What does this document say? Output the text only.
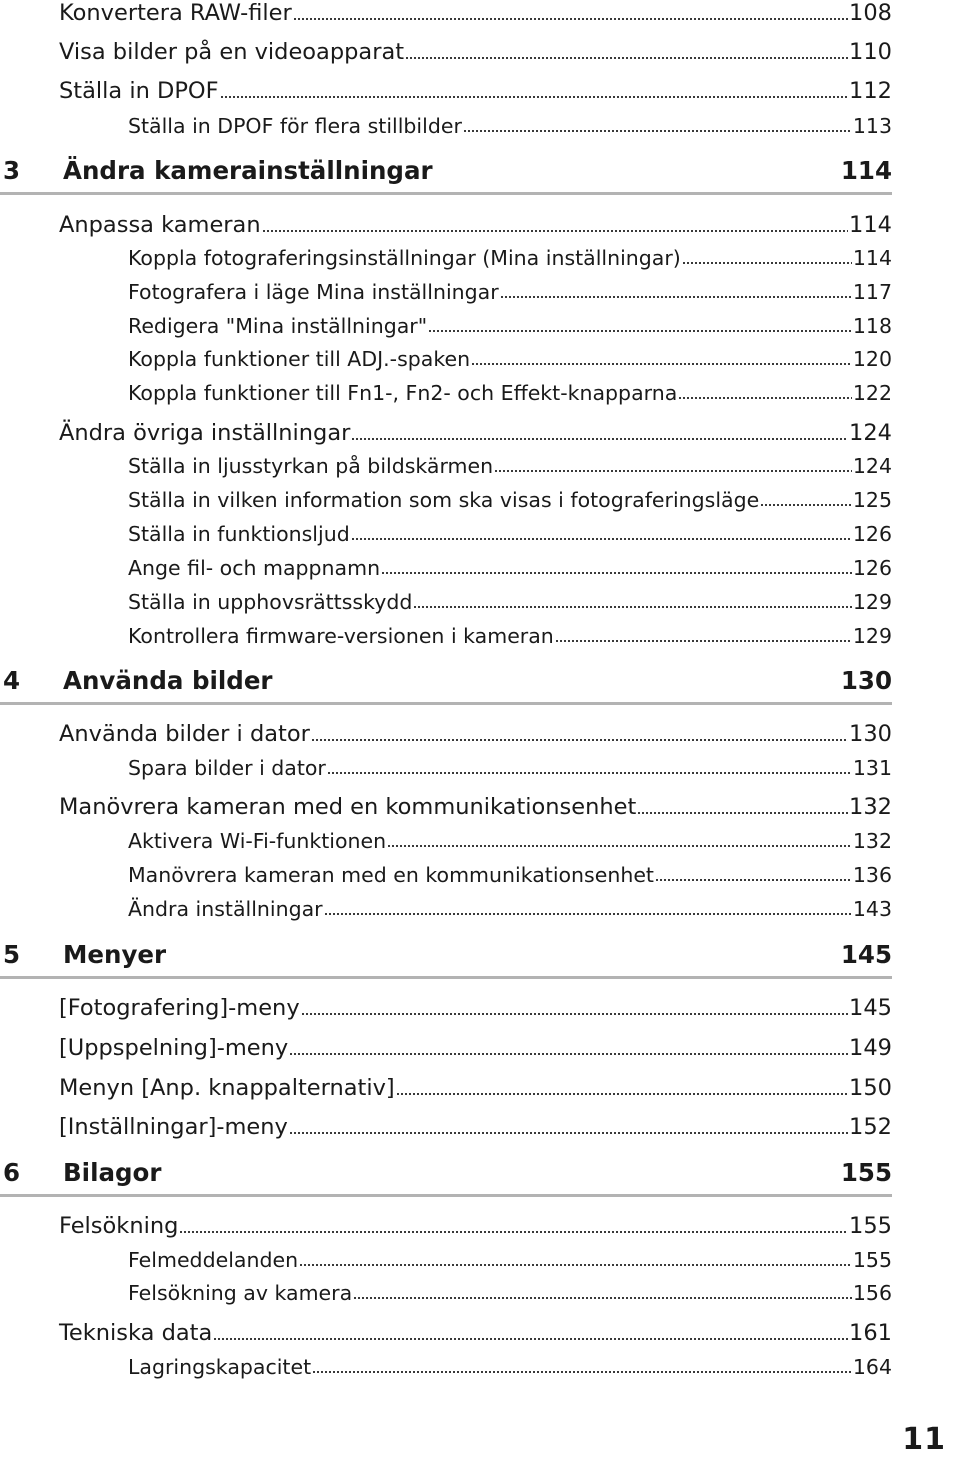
Konvertera RAW-filer	108
Visa bilder på en videoapparat	110
Ställa in DPOF	112
Ställa in DPOF för flera stillbilder	113
3 Ändra kamerainställningar	114
Anpassa kameran	114
Koppla fotograferingsinställningar (Mina inställningar)	114
Fotografera i läge Mina inställningar	117
Redigera "Mina inställningar"	118
Koppla funktioner till ADJ.-spaken	120
Koppla funktioner till Fn1-, Fn2- och Effekt-knapparna	122
Ändra övriga inställningar	124
Ställa in ljusstyrkan på bildskärmen	124
Ställa in vilken information som ska visas i fotograferingsläge	125
Ställa in funktionsljud	126
Ange fil- och mappnamn	126
Ställa in upphovsrättsskydd	129
Kontrollera firmware-versionen i kameran	129
4 Använda bilder	130
Använda bilder i dator	130
Spara bilder i dator	131
Manövrera kameran med en kommunikationsenhet	132
Aktivera Wi-Fi-funktionen	132
Manövrera kameran med en kommunikationsenhet	136
Ändra inställningar	143
5 Menyer	145
[Fotografering]-meny	145
[Uppspelning]-meny	149
Menyn [Anp. knappalternativ]	150
[Inställningar]-meny	152
6 Bilagor	155
Felsökning	155
Felmeddelanden	155
Felsökning av kamera	156
Tekniska data	161
Lagringskapacitet	164
11
